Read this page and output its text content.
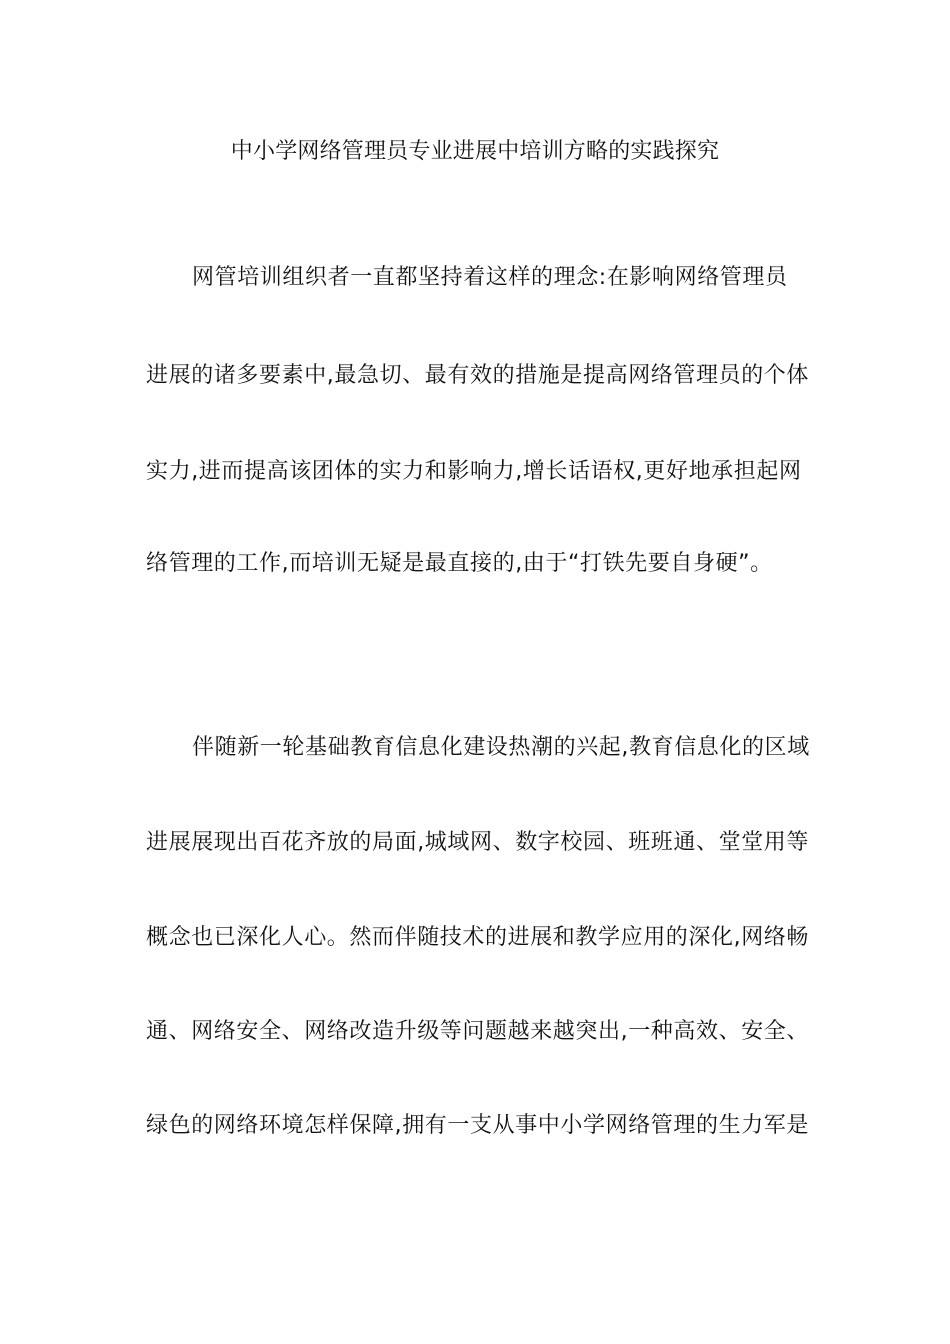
中小学网络管理员专业进展中培训方略的实践探究
网管培训组织者一直都坚持着这样的理念:在影响网络管理员
进展的诸多要素中,最急切、最有效的措施是提高网络管理员的个体
实力,进而提高该团体的实力和影响力,增长话语权,更好地承担起网
络管理的工作,而培训无疑是最直接的,由于“打铁先要自身硬”。
伴随新一轮基础教育信息化建设热潮的兴起,教育信息化的区域
进展展现出百花齐放的局面,城域网、数字校园、班班通、堂堂用等
概念也已深化人心。然而伴随技术的进展和教学应用的深化,网络畅
通、网络安全、网络改造升级等问题越来越突出,一种高效、安全、
绿色的网络环境怎样保障,拥有一支从事中小学网络管理的生力军是
